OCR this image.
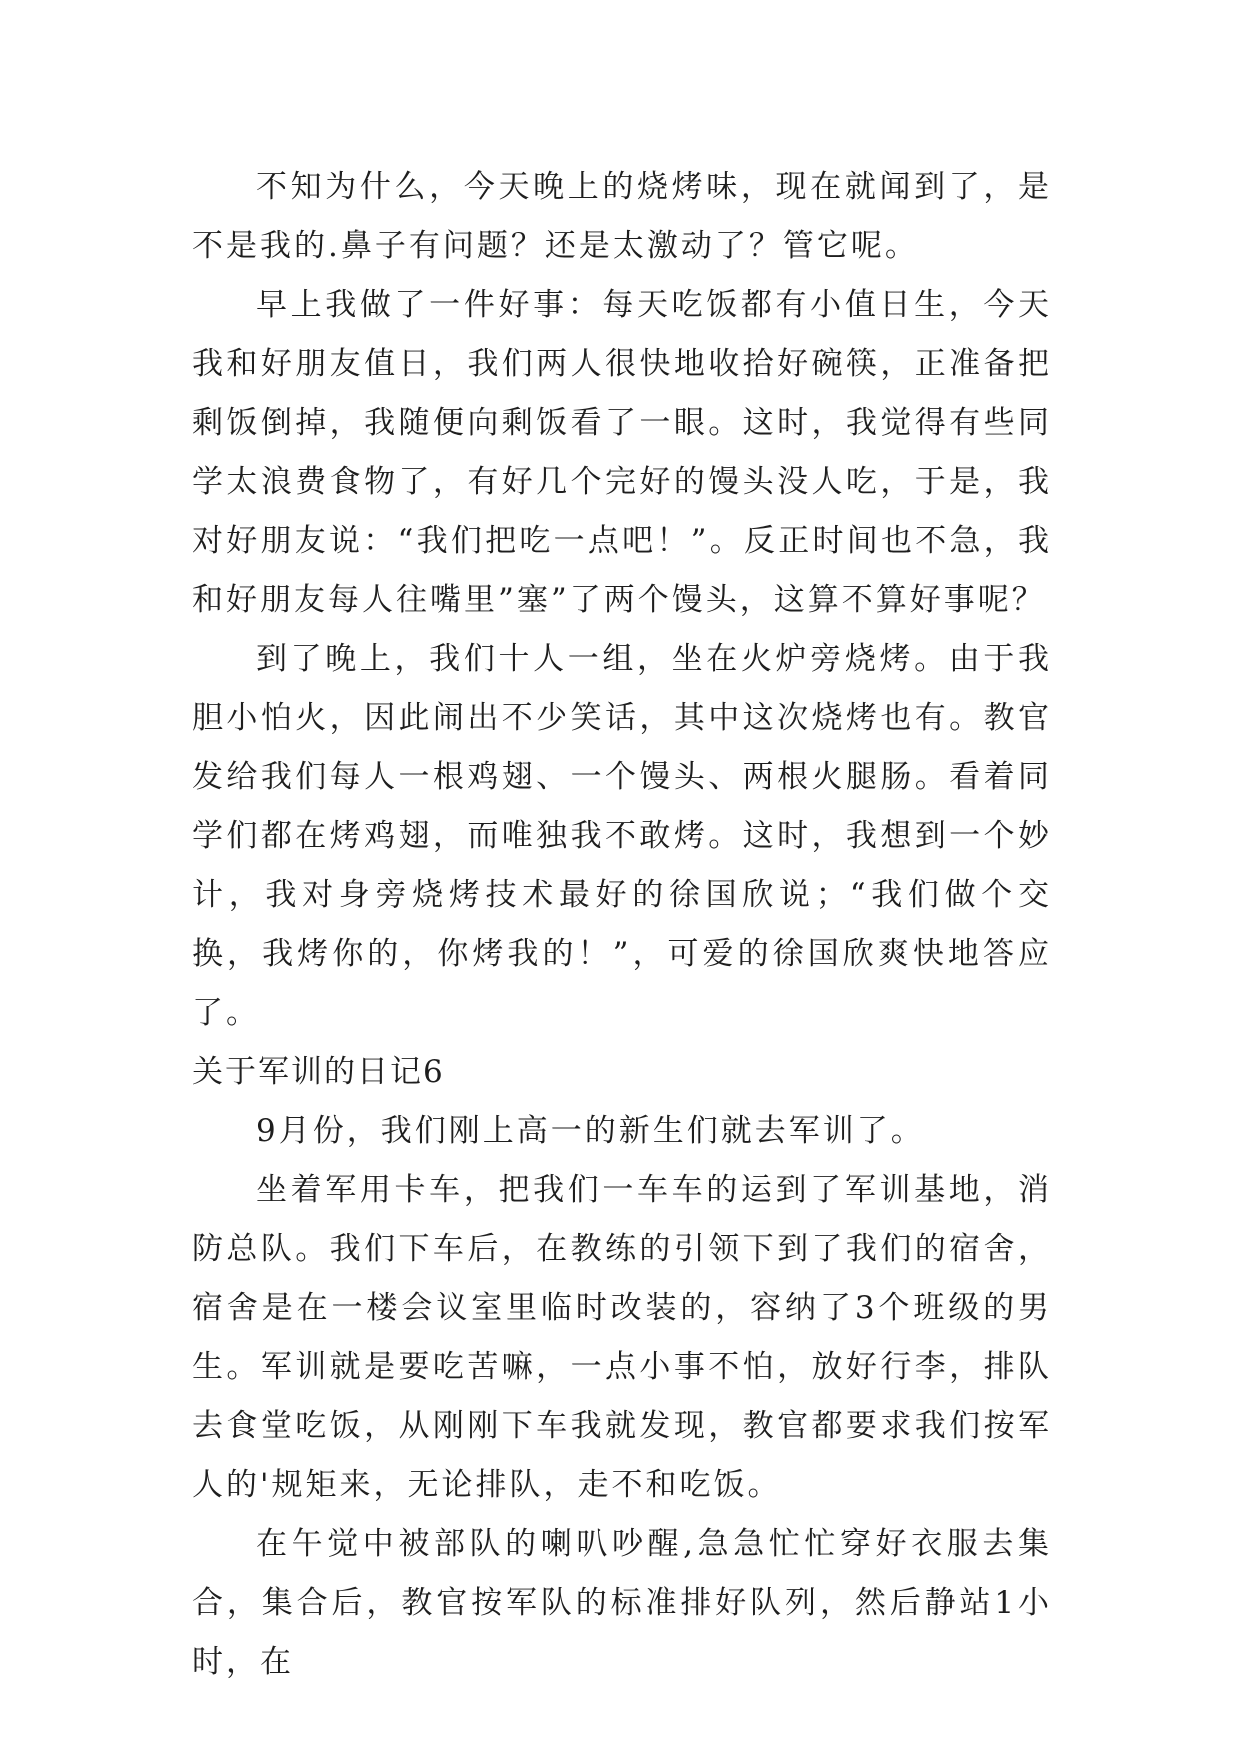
不知为什么，今天晚上的烧烤味，现在就闻到了，是不是我的.鼻子有问题？还是太激动了？管它呢。

早上我做了一件好事：每天吃饭都有小值日生，今天我和好朋友值日，我们两人很快地收拾好碗筷，正准备把剩饭倒掉，我随便向剩饭看了一眼。这时，我觉得有些同学太浪费食物了，有好几个完好的馒头没人吃，于是，我对好朋友说：“我们把吃一点吧！”。反正时间也不急，我和好朋友每人往嘴里”塞”了两个馒头，这算不算好事呢？

到了晚上，我们十人一组，坐在火炉旁烧烤。由于我胆小怕火，因此闹出不少笑话，其中这次烧烤也有。教官发给我们每人一根鸡翅、一个馒头、两根火腿肠。看着同学们都在烤鸡翅，而唯独我不敢烤。这时，我想到一个妙计，我对身旁烧烤技术最好的徐国欣说；“我们做个交换，我烤你的，你烤我的！”，可爱的徐国欣爽快地答应了。

关于军训的日记6

9月份，我们刚上高一的新生们就去军训了。

坐着军用卡车，把我们一车车的运到了军训基地，消防总队。我们下车后，在教练的引领下到了我们的宿舍，宿舍是在一楼会议室里临时改装的，容纳了3个班级的男生。军训就是要吃苦嘛，一点小事不怕，放好行李，排队去食堂吃饭，从刚刚下车我就发现，教官都要求我们按军人的'规矩来，无论排队，走不和吃饭。

在午觉中被部队的喇叭吵醒,急急忙忙穿好衣服去集合，集合后，教官按军队的标准排好队列，然后静站1小时，在
